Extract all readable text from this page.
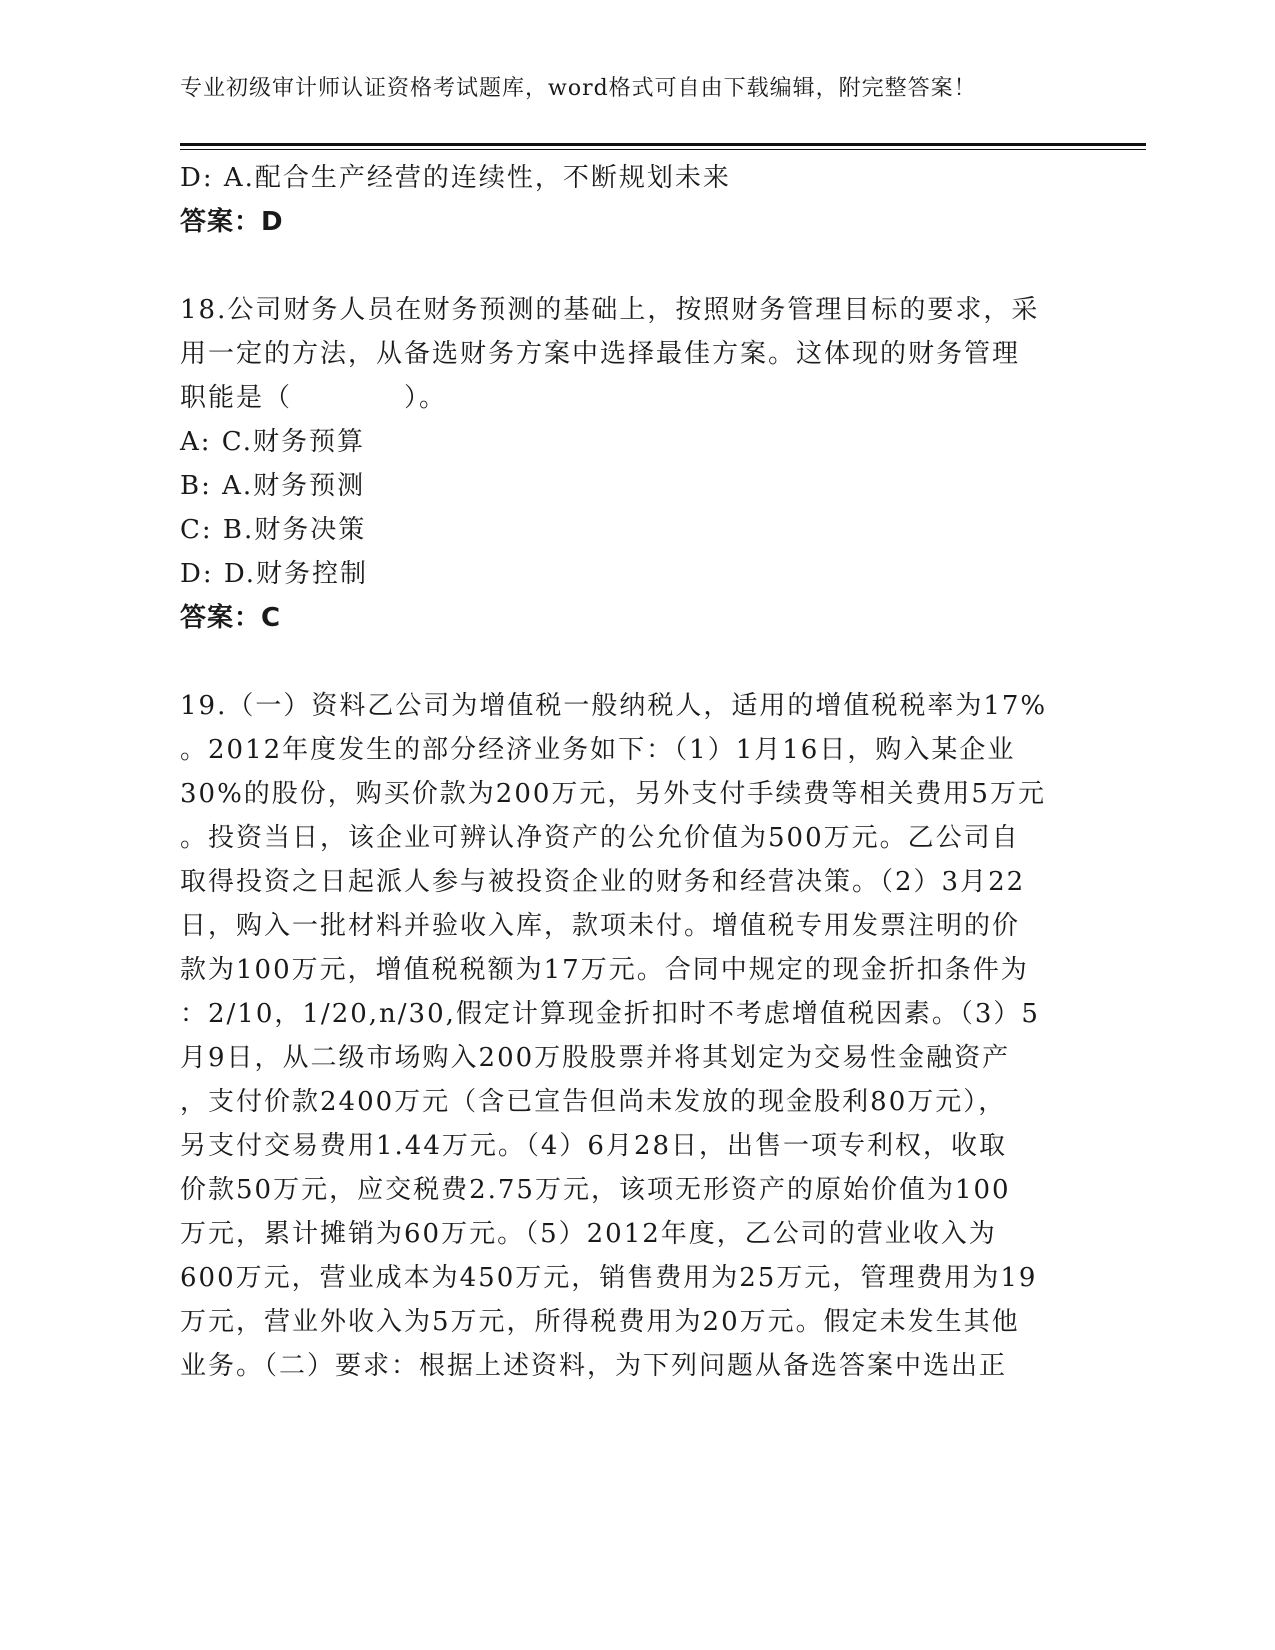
专业初级审计师认证资格考试题库，word格式可自由下载编辑，附完整答案！
D: A.配合生产经营的连续性，不断规划未来
答案：D
18.公司财务人员在财务预测的基础上，按照财务管理目标的要求，采
用一定的方法，从备选财务方案中选择最佳方案。这体现的财务管理
职能是（　　　　）。
A: C.财务预算
B: A.财务预测
C: B.财务决策
D: D.财务控制
答案：C
19.（一）资料乙公司为增值税一般纳税人，适用的增值税税率为17%
。2012年度发生的部分经济业务如下：（1）1月16日，购入某企业
30%的股份，购买价款为200万元，另外支付手续费等相关费用5万元
。投资当日，该企业可辨认净资产的公允价值为500万元。乙公司自
取得投资之日起派人参与被投资企业的财务和经营决策。（2）3月22
日，购入一批材料并验收入库，款项未付。增值税专用发票注明的价
款为100万元，增值税税额为17万元。合同中规定的现金折扣条件为
：2/10，1/20,n/30,假定计算现金折扣时不考虑增值税因素。（3）5
月9日，从二级市场购入200万股股票并将其划定为交易性金融资产
，支付价款2400万元（含已宣告但尚未发放的现金股利80万元），
另支付交易费用1.44万元。（4）6月28日，出售一项专利权，收取
价款50万元，应交税费2.75万元，该项无形资产的原始价值为100
万元，累计摊销为60万元。（5）2012年度，乙公司的营业收入为
600万元，营业成本为450万元，销售费用为25万元，管理费用为19
万元，营业外收入为5万元，所得税费用为20万元。假定未发生其他
业务。（二）要求：根据上述资料，为下列问题从备选答案中选出正
